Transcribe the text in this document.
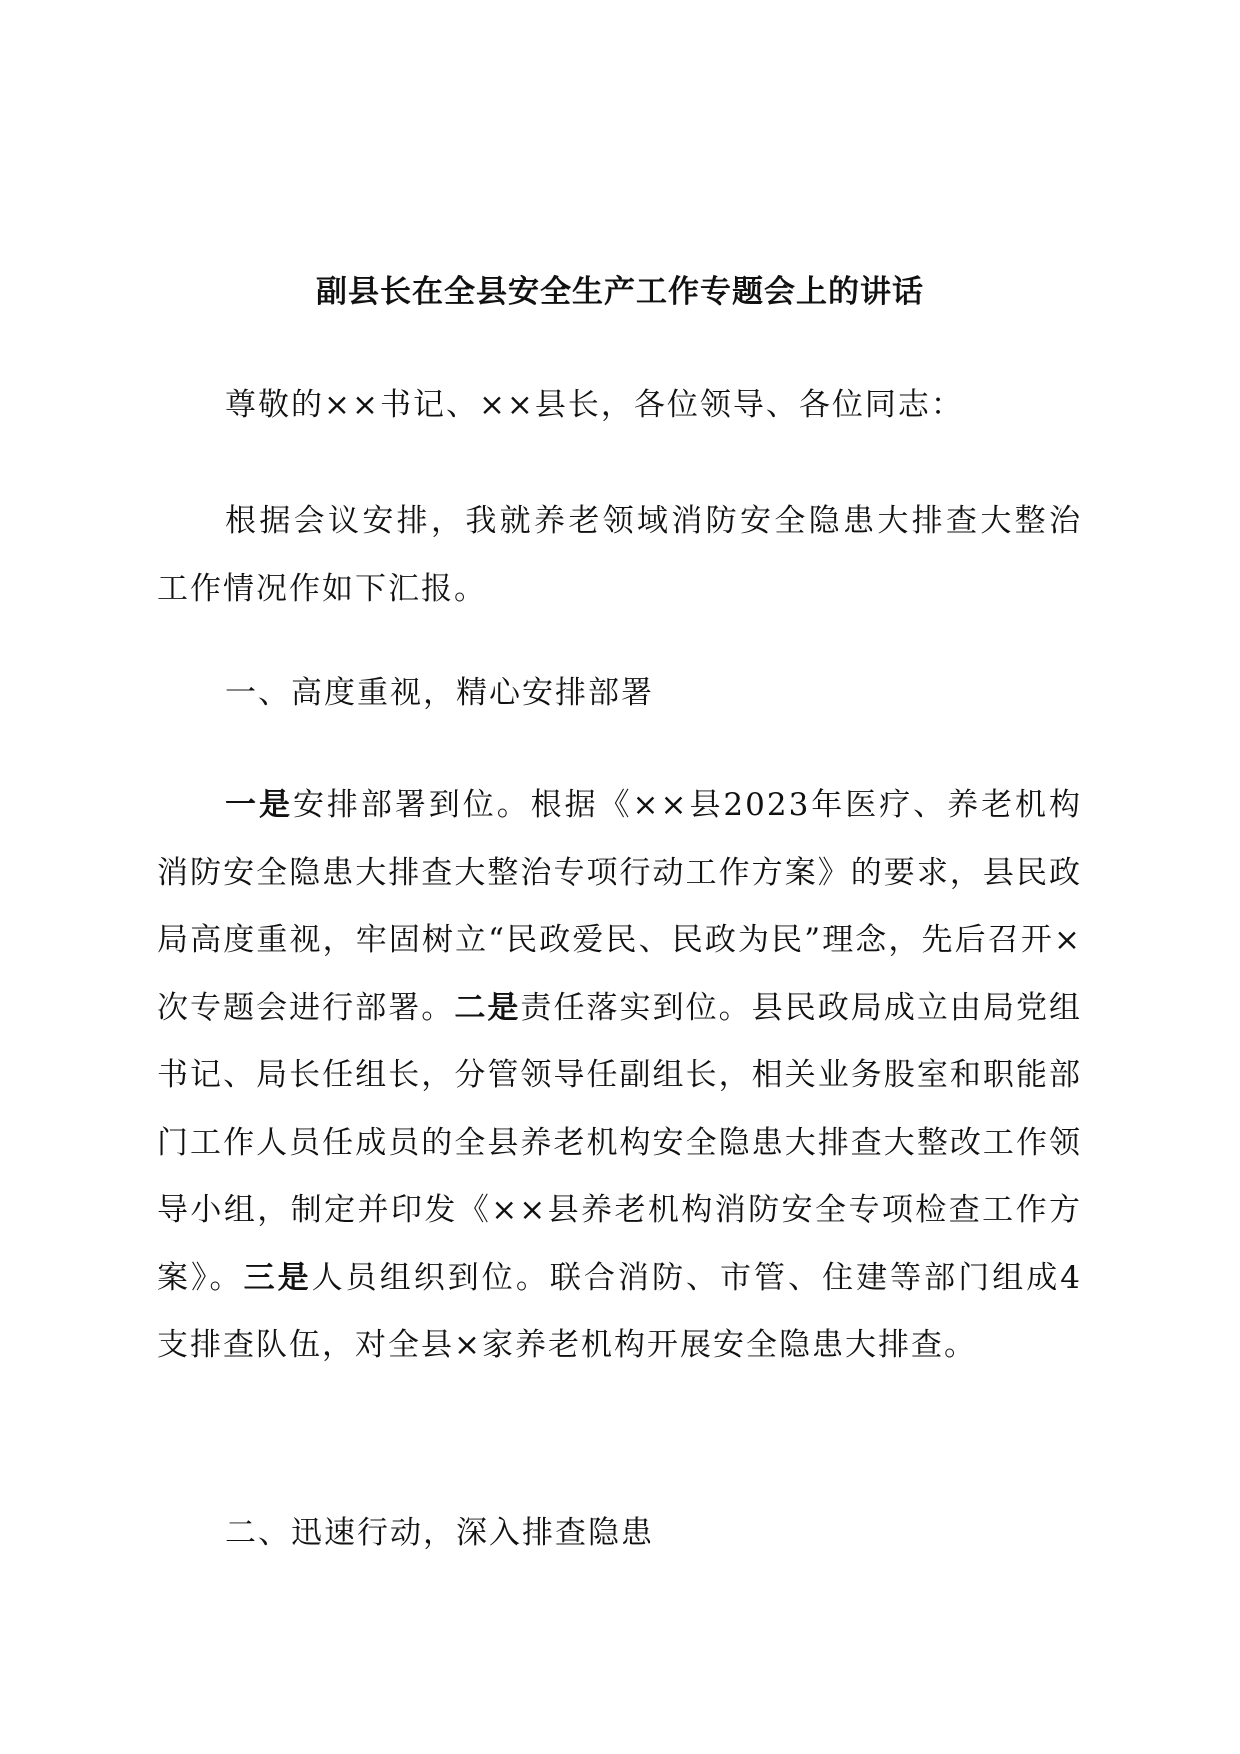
副县长在全县安全生产工作专题会上的讲话

尊敬的××书记、××县长，各位领导、各位同志：

根据会议安排，我就养老领域消防安全隐患大排查大整治工作情况作如下汇报。

一、高度重视，精心安排部署

一是安排部署到位。根据《××县2023年医疗、养老机构消防安全隐患大排查大整治专项行动工作方案》的要求，县民政局高度重视，牢固树立“民政爱民、民政为民”理念，先后召开×次专题会进行部署。二是责任落实到位。县民政局成立由局党组书记、局长任组长，分管领导任副组长，相关业务股室和职能部门工作人员任成员的全县养老机构安全隐患大排查大整改工作领导小组，制定并印发《××县养老机构消防安全专项检查工作方案》。三是人员组织到位。联合消防、市管、住建等部门组成4支排查队伍，对全县×家养老机构开展安全隐患大排查。

二、迅速行动，深入排查隐患
